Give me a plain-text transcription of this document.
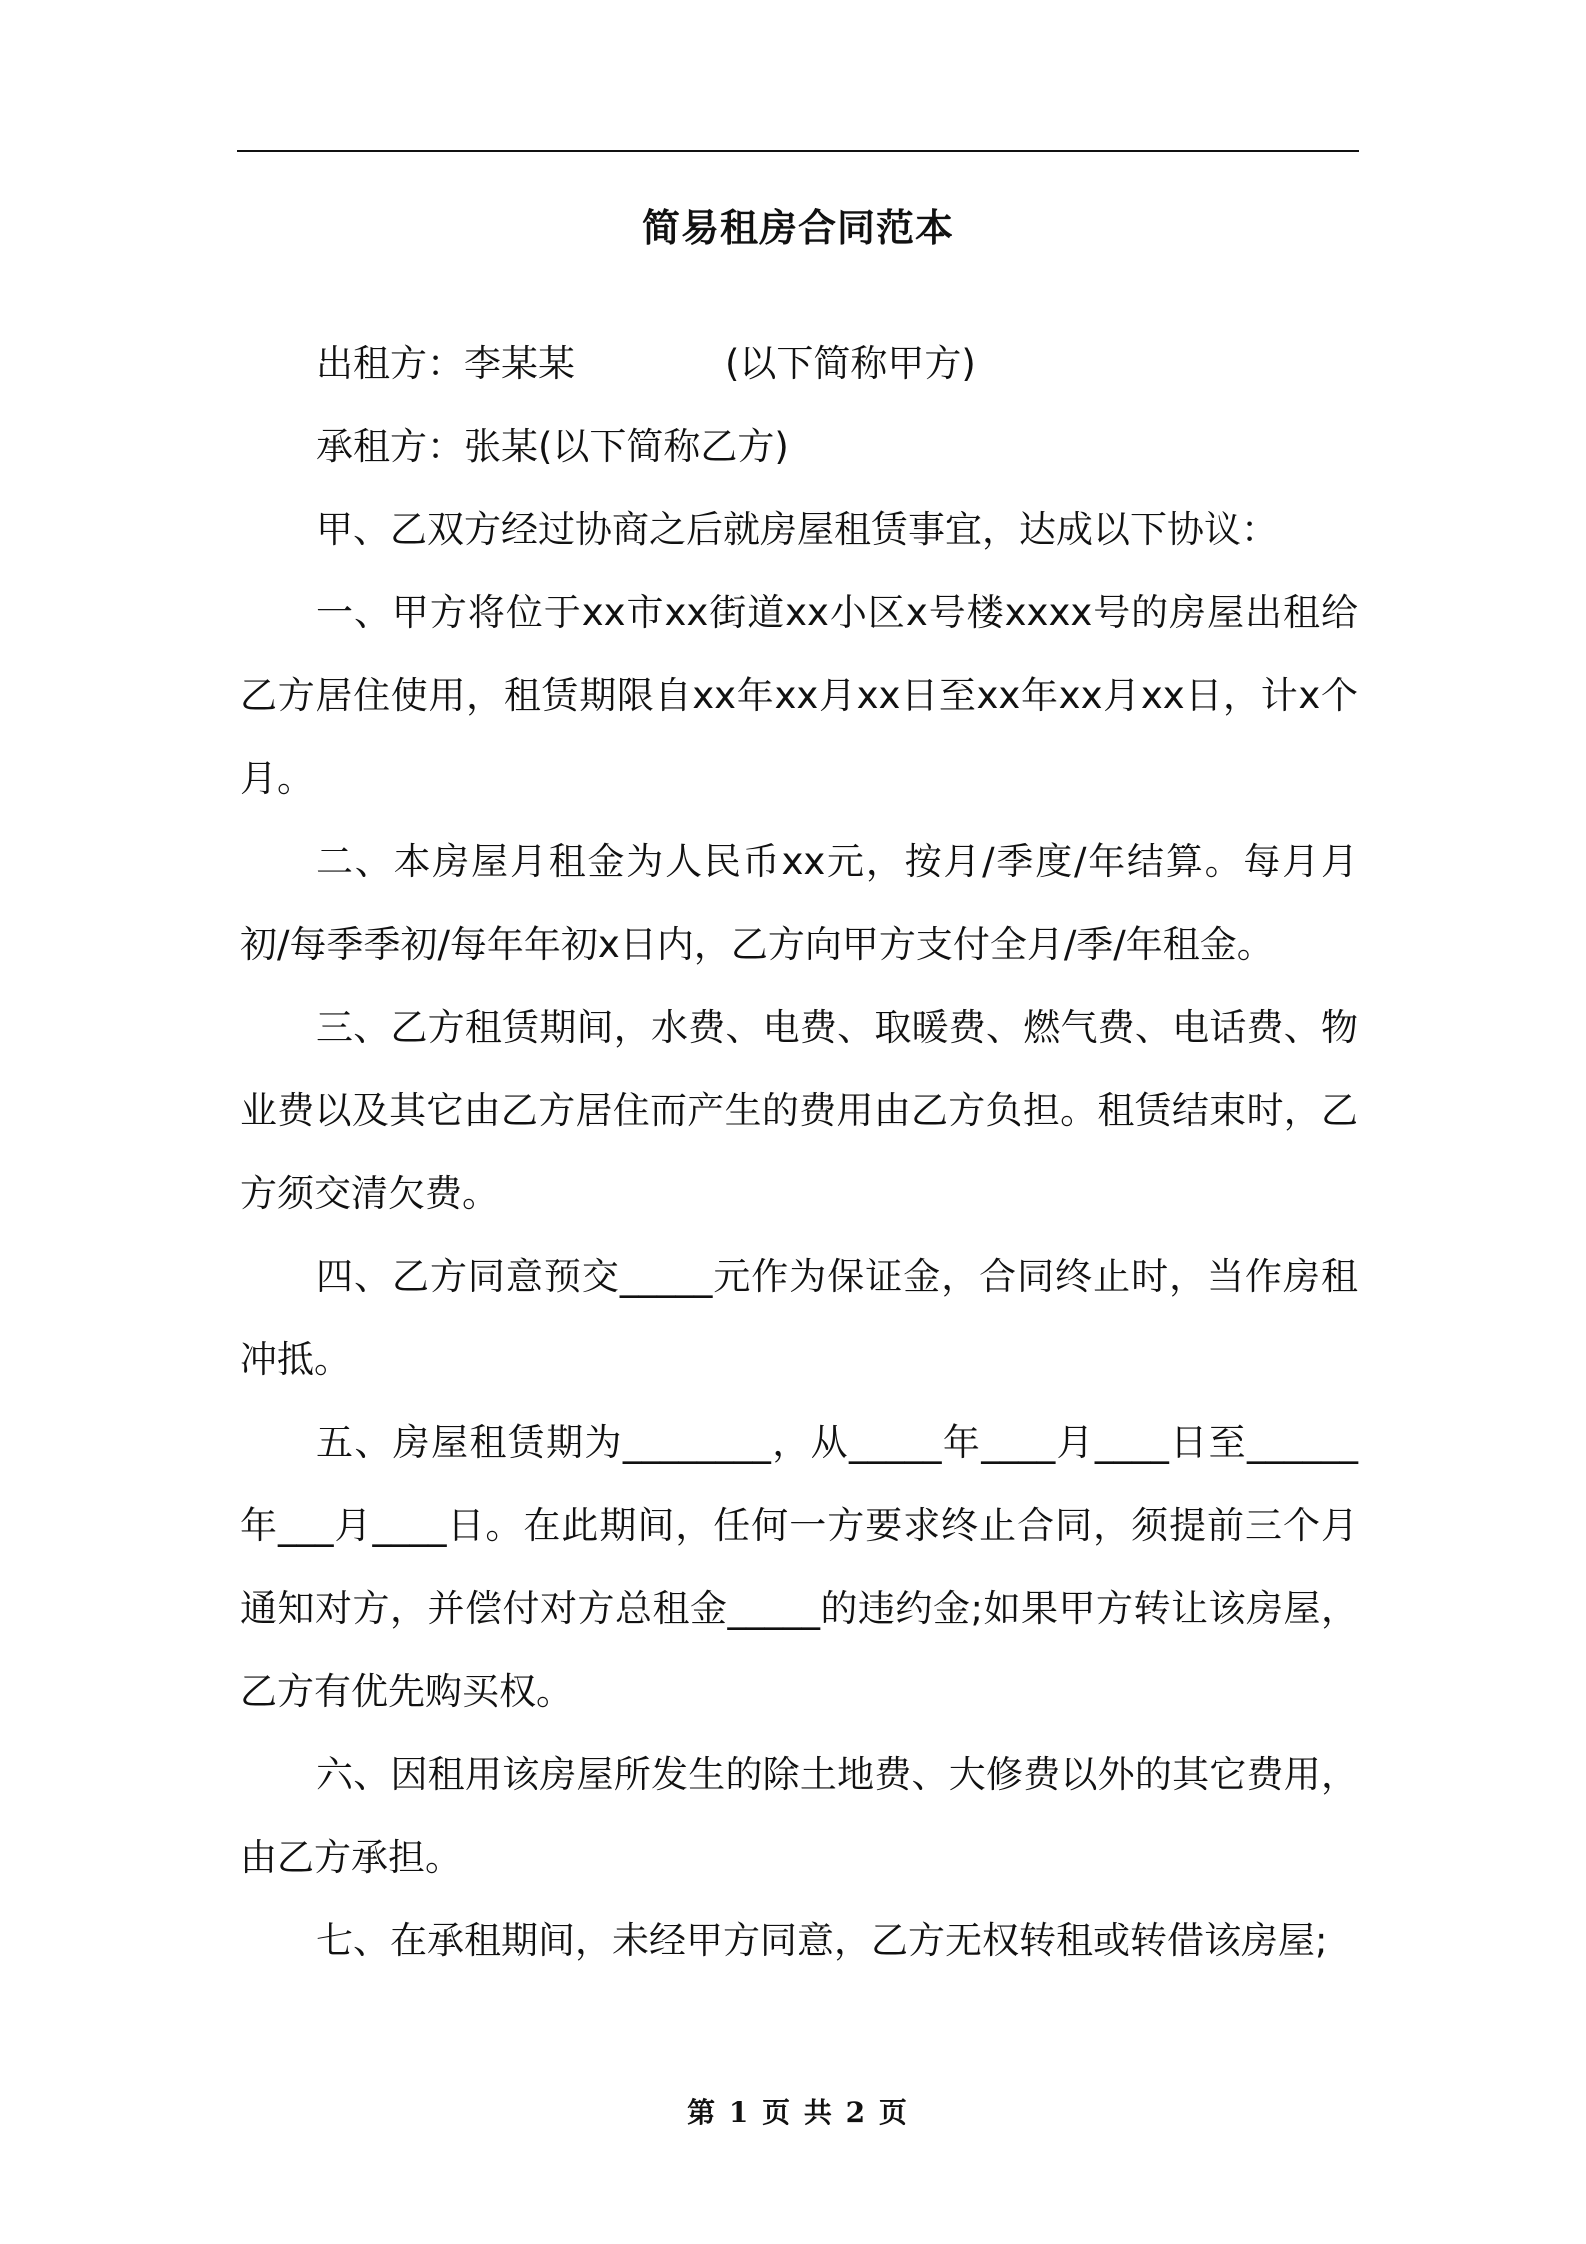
简易租房合同范本

出租方：李某某	(以下简称甲方)

承租方：张某(以下简称乙方)

甲、乙双方经过协商之后就房屋租赁事宜，达成以下协议：

一、甲方将位于xx市xx街道xx小区x号楼xxxx号的房屋出租给乙方居住使用，租赁期限自xx年xx月xx日至xx年xx月xx日，计x个月。

二、本房屋月租金为人民币xx元，按月/季度/年结算。每月月初/每季季初/每年年初x日内，乙方向甲方支付全月/季/年租金。

三、乙方租赁期间，水费、电费、取暖费、燃气费、电话费、物业费以及其它由乙方居住而产生的费用由乙方负担。租赁结束时，乙方须交清欠费。

四、乙方同意预交_____元作为保证金，合同终止时，当作房租冲抵。

五、房屋租赁期为________，从_____年____月____日至______年___月____日。在此期间，任何一方要求终止合同，须提前三个月通知对方，并偿付对方总租金_____的违约金;如果甲方转让该房屋，乙方有优先购买权。

六、因租用该房屋所发生的除土地费、大修费以外的其它费用，由乙方承担。

七、在承租期间，未经甲方同意，乙方无权转租或转借该房屋;

第 1 页 共 2 页
